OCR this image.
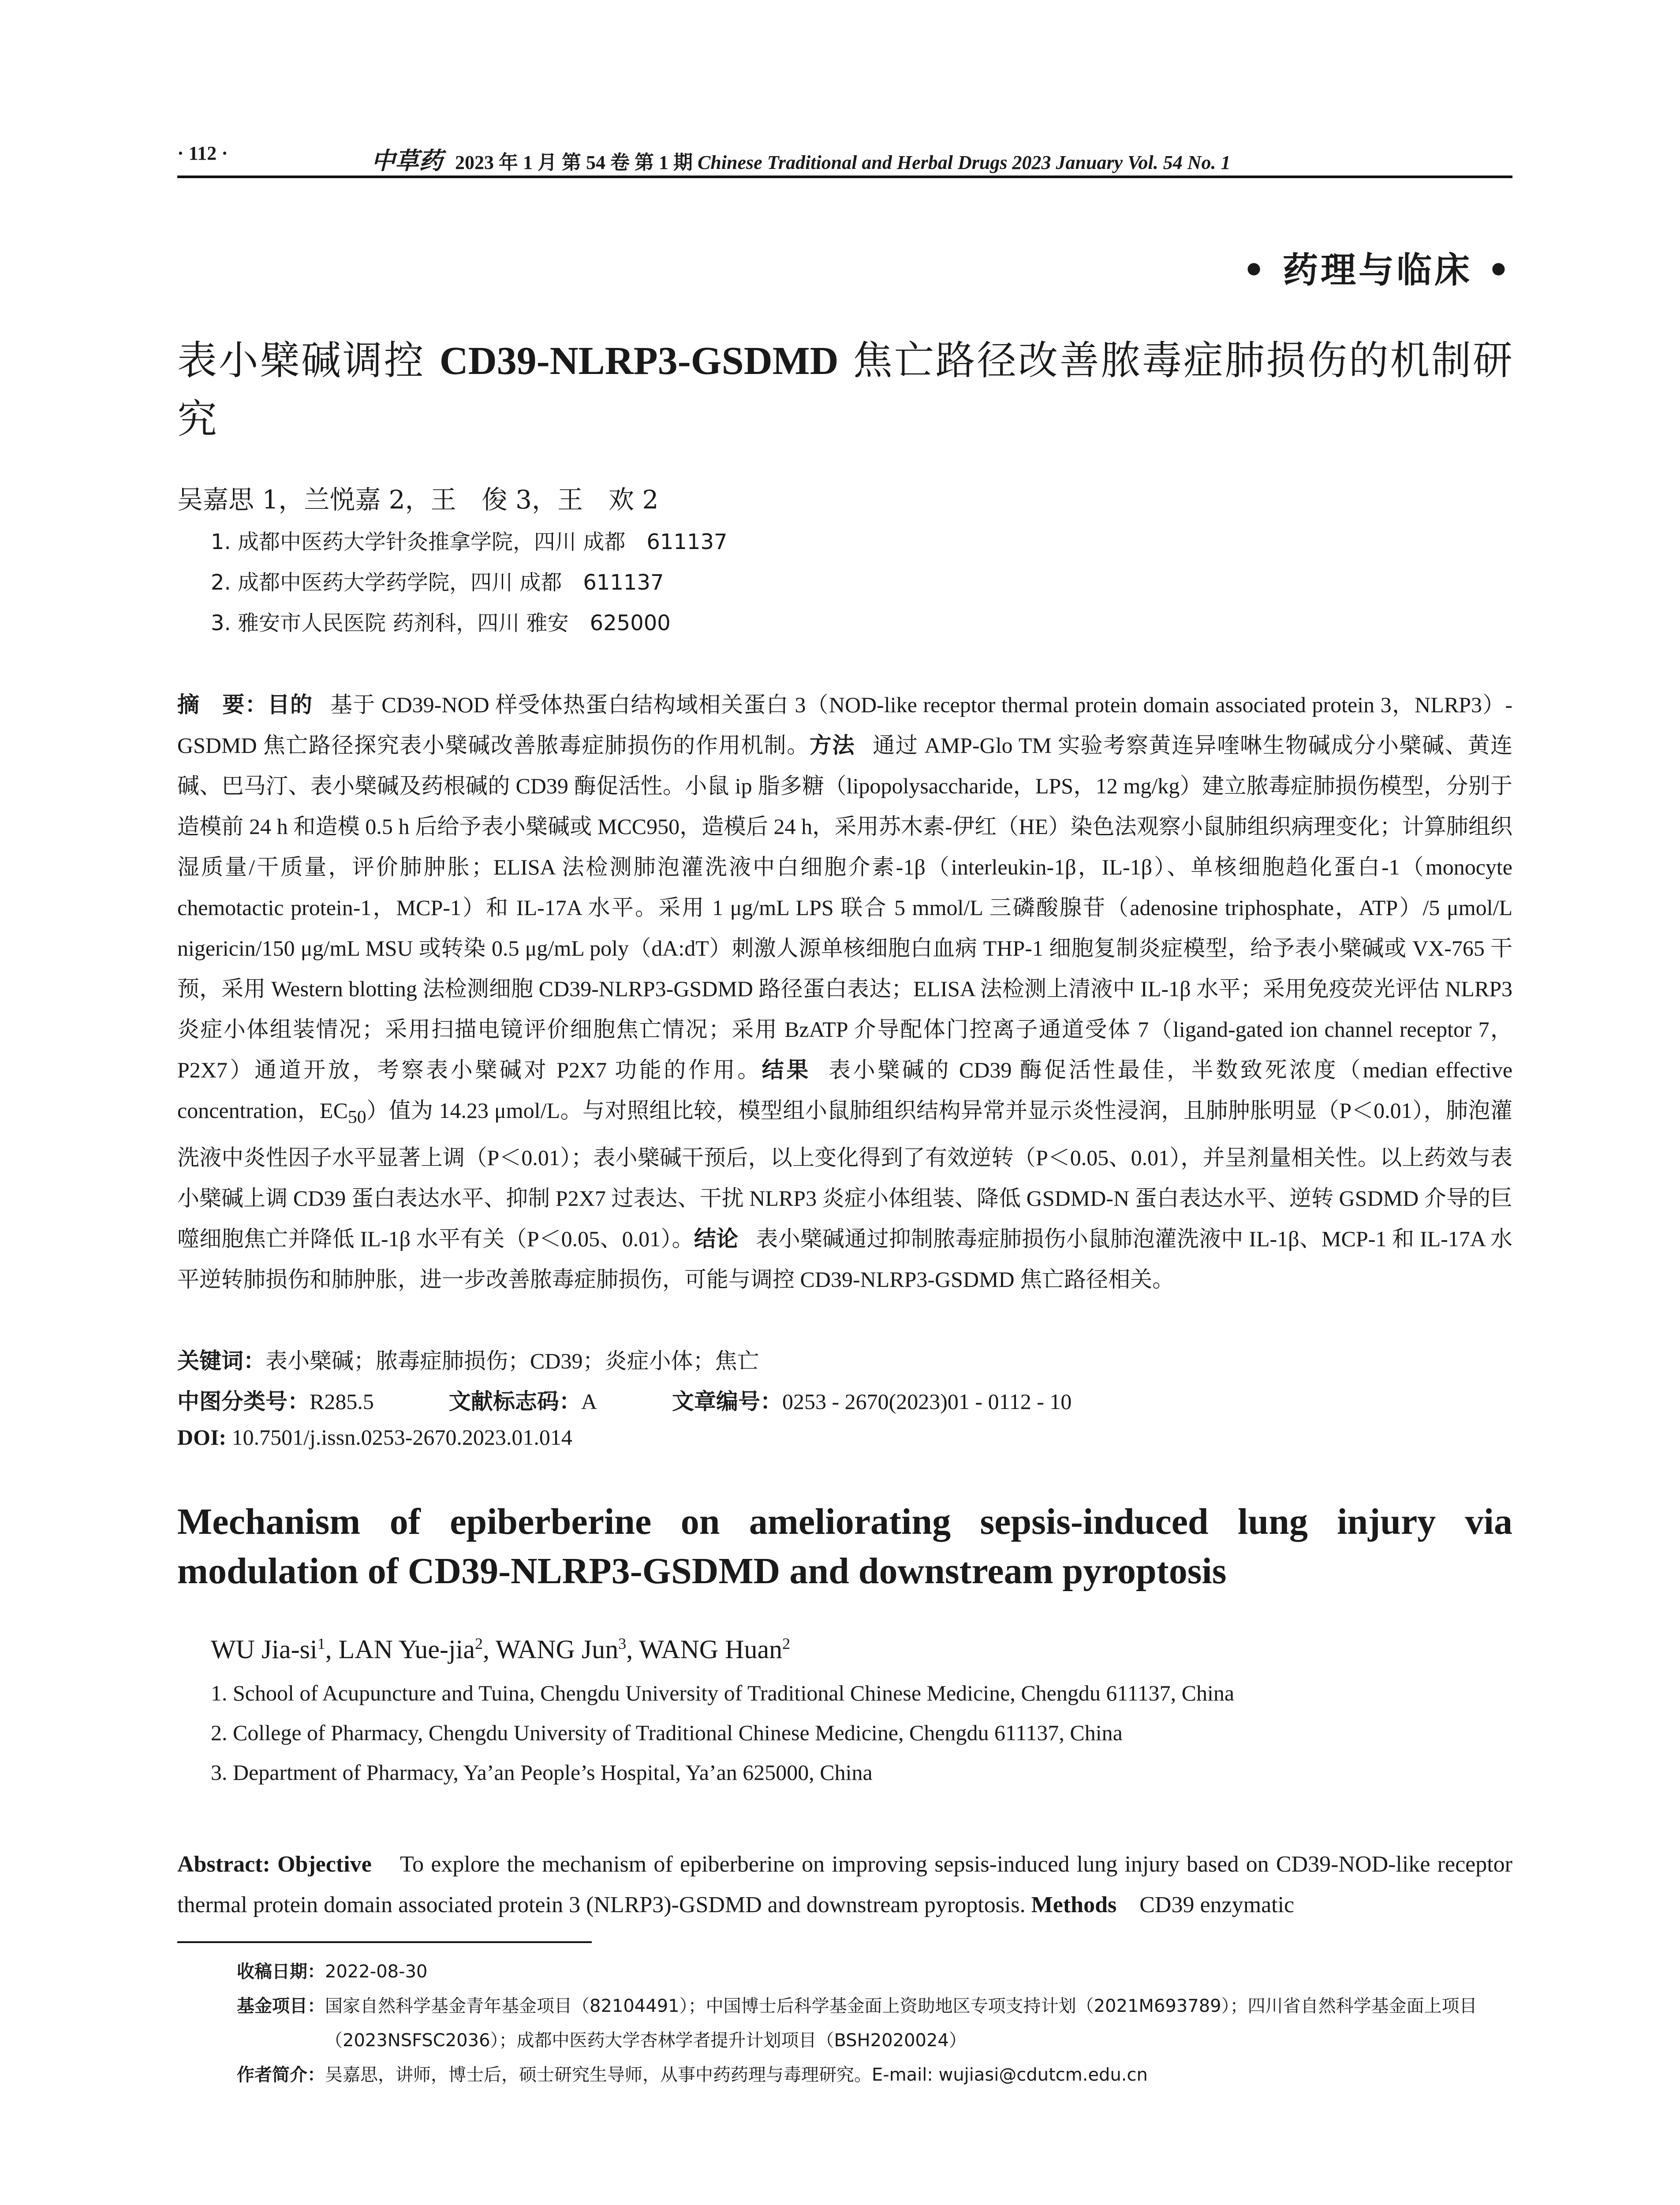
· 112 ·	中草药 2023 年 1 月 第 54 卷 第 1 期 Chinese Traditional and Herbal Drugs 2023 January Vol. 54 No. 1
• 药理与临床 •
表小檗碱调控 CD39-NLRP3-GSDMD 焦亡路径改善脓毒症肺损伤的机制研究
吴嘉思 1，兰悦嘉 2，王　俊 3，王　欢 2
1. 成都中医药大学针灸推拿学院，四川 成都　611137
2. 成都中医药大学药学院，四川 成都　611137
3. 雅安市人民医院 药剂科，四川 雅安　625000
摘　要：目的 基于 CD39-NOD 样受体热蛋白结构域相关蛋白 3（NOD-like receptor thermal protein domain associated protein 3，NLRP3）-GSDMD 焦亡路径探究表小檗碱改善脓毒症肺损伤的作用机制。方法 通过 AMP-Glo TM 实验考察黄连异喹啉生物碱成分小檗碱、黄连碱、巴马汀、表小檗碱及药根碱的 CD39 酶促活性。小鼠 ip 脂多糖（lipopolysaccharide，LPS，12 mg/kg）建立脓毒症肺损伤模型，分别于造模前 24 h 和造模 0.5 h 后给予表小檗碱或 MCC950，造模后 24 h，采用苏木素-伊红（HE）染色法观察小鼠肺组织病理变化；计算肺组织湿质量/干质量，评价肺肿胀；ELISA 法检测肺泡灌洗液中白细胞介素-1β（interleukin-1β，IL-1β）、单核细胞趋化蛋白-1（monocyte chemotactic protein-1，MCP-1）和 IL-17A 水平。采用 1 μg/mL LPS 联合 5 mmol/L 三磷酸腺苷（adenosine triphosphate，ATP）/5 μmol/L nigericin/150 μg/mL MSU 或转染 0.5 μg/mL poly（dA:dT）刺激人源单核细胞白血病 THP-1 细胞复制炎症模型，给予表小檗碱或 VX-765 干预，采用 Western blotting 法检测细胞 CD39-NLRP3-GSDMD 路径蛋白表达；ELISA 法检测上清液中 IL-1β 水平；采用免疫荧光评估 NLRP3 炎症小体组装情况；采用扫描电镜评价细胞焦亡情况；采用 BzATP 介导配体门控离子通道受体 7（ligand-gated ion channel receptor 7，P2X7）通道开放，考察表小檗碱对 P2X7 功能的作用。结果 表小檗碱的 CD39 酶促活性最佳，半数致死浓度（median effective concentration，$EC_{50}$）值为 14.23 μmol/L。与对照组比较，模型组小鼠肺组织结构异常并显示炎性浸润，且肺肿胀明显（P＜0.01），肺泡灌洗液中炎性因子水平显著上调（P＜0.01）；表小檗碱干预后，以上变化得到了有效逆转（P＜0.05、0.01），并呈剂量相关性。以上药效与表小檗碱上调 CD39 蛋白表达水平、抑制 P2X7 过表达、干扰 NLRP3 炎症小体组装、降低 GSDMD-N 蛋白表达水平、逆转 GSDMD 介导的巨噬细胞焦亡并降低 IL-1β 水平有关（P＜0.05、0.01）。结论 表小檗碱通过抑制脓毒症肺损伤小鼠肺泡灌洗液中 IL-1β、MCP-1 和 IL-17A 水平逆转肺损伤和肺肿胀，进一步改善脓毒症肺损伤，可能与调控 CD39-NLRP3-GSDMD 焦亡路径相关。
关键词：表小檗碱；脓毒症肺损伤；CD39；炎症小体；焦亡
中图分类号：R285.5	文献标志码：A	文章编号：0253 - 2670(2023)01 - 0112 - 10
DOI: 10.7501/j.issn.0253-2670.2023.01.014
Mechanism of epiberberine on ameliorating sepsis-induced lung injury via modulation of CD39-NLRP3-GSDMD and downstream pyroptosis
WU Jia-$si^1$, LAN Yue-jia$^2$, WANG Jun$^3$, WANG Huan$^2$
1. School of Acupuncture and Tuina, Chengdu University of Traditional Chinese Medicine, Chengdu 611137, China
2. College of Pharmacy, Chengdu University of Traditional Chinese Medicine, Chengdu 611137, China
3. Department of Pharmacy, Ya’an People’s Hospital, Ya’an 625000, China
Abstract: Objective To explore the mechanism of epiberberine on improving sepsis-induced lung injury based on CD39-NOD-like receptor thermal protein domain associated protein 3 (NLRP3)-GSDMD and downstream pyroptosis. Methods CD39 enzymatic
收稿日期：2022-08-30
基金项目：国家自然科学基金青年基金项目（82104491）；中国博士后科学基金面上资助地区专项支持计划（2021M693789）；四川省自然科学基金面上项目（2023NSFSC2036）；成都中医药大学杏林学者提升计划项目（BSH2020024）
作者简介：吴嘉思，讲师，博士后，硕士研究生导师，从事中药药理与毒理研究。E-mail: wujiasi@cdutcm.edu.cn
